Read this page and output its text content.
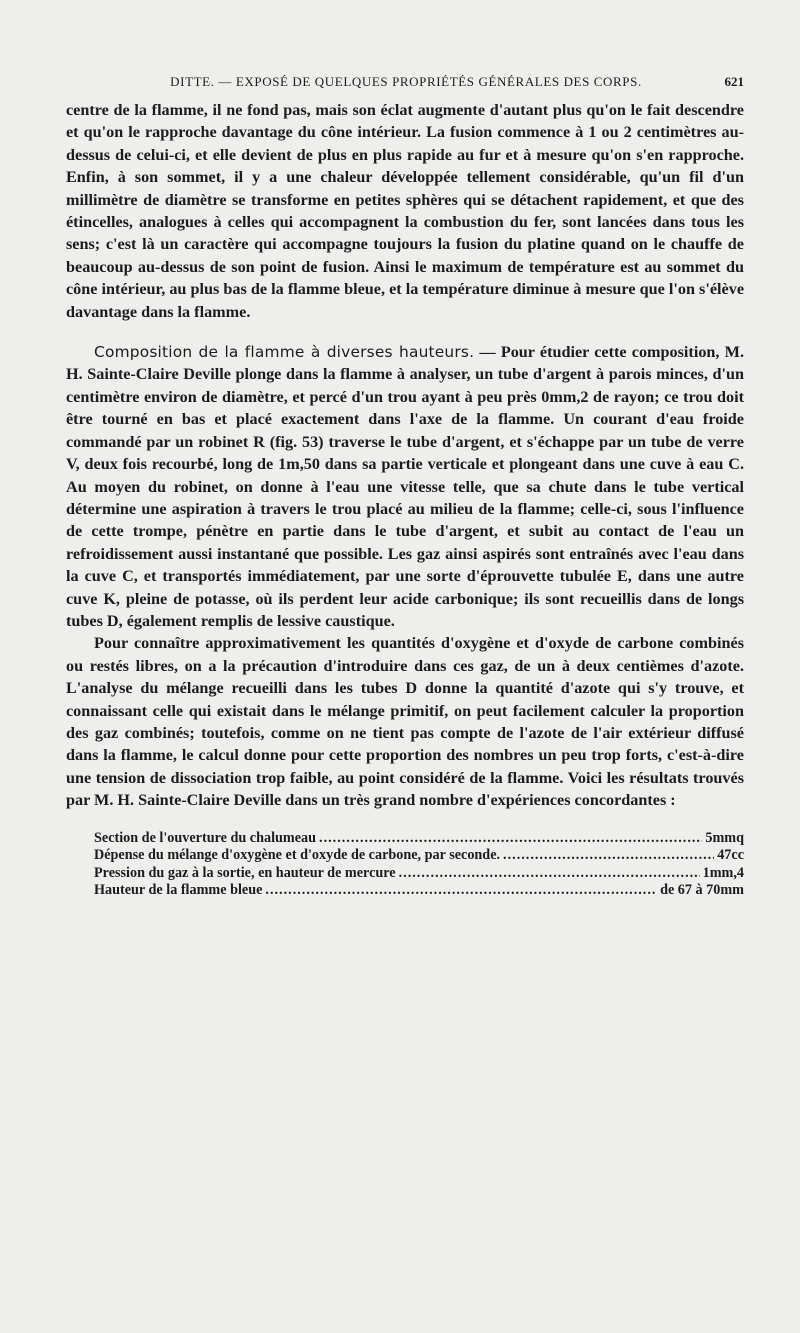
DITTE. — EXPOSÉ DE QUELQUES PROPRIÉTÉS GÉNÉRALES DES CORPS.	621

centre de la flamme, il ne fond pas, mais son éclat augmente d'autant plus qu'on le fait descendre et qu'on le rapproche davantage du cône intérieur. La fusion commence à 1 ou 2 centimètres au-dessus de celui-ci, et elle devient de plus en plus rapide au fur et à mesure qu'on s'en rapproche. Enfin, à son sommet, il y a une chaleur développée tellement considérable, qu'un fil d'un millimètre de diamètre se transforme en petites sphères qui se détachent rapidement, et que des étincelles, analogues à celles qui accompagnent la combustion du fer, sont lancées dans tous les sens; c'est là un caractère qui accompagne toujours la fusion du platine quand on le chauffe de beaucoup au-dessus de son point de fusion. Ainsi le maximum de température est au sommet du cône intérieur, au plus bas de la flamme bleue, et la température diminue à mesure que l'on s'élève davantage dans la flamme.

Composition de la flamme à diverses hauteurs. — Pour étudier cette composition, M. H. Sainte-Claire Deville plonge dans la flamme à analyser, un tube d'argent à parois minces, d'un centimètre environ de diamètre, et percé d'un trou ayant à peu près 0mm,2 de rayon; ce trou doit être tourné en bas et placé exactement dans l'axe de la flamme. Un courant d'eau froide commandé par un robinet R (fig. 53) traverse le tube d'argent, et s'échappe par un tube de verre V, deux fois recourbé, long de 1m,50 dans sa partie verticale et plongeant dans une cuve à eau C. Au moyen du robinet, on donne à l'eau une vitesse telle, que sa chute dans le tube vertical détermine une aspiration à travers le trou placé au milieu de la flamme; celle-ci, sous l'influence de cette trompe, pénètre en partie dans le tube d'argent, et subit au contact de l'eau un refroidissement aussi instantané que possible. Les gaz ainsi aspirés sont entraînés avec l'eau dans la cuve C, et transportés immédiatement, par une sorte d'éprouvette tubulée E, dans une autre cuve K, pleine de potasse, où ils perdent leur acide carbonique; ils sont recueillis dans de longs tubes D, également remplis de lessive caustique.

Pour connaître approximativement les quantités d'oxygène et d'oxyde de carbone combinés ou restés libres, on a la précaution d'introduire dans ces gaz, de un à deux centièmes d'azote. L'analyse du mélange recueilli dans les tubes D donne la quantité d'azote qui s'y trouve, et connaissant celle qui existait dans le mélange primitif, on peut facilement calculer la proportion des gaz combinés; toutefois, comme on ne tient pas compte de l'azote de l'air extérieur diffusé dans la flamme, le calcul donne pour cette proportion des nombres un peu trop forts, c'est-à-dire une tension de dissociation trop faible, au point considéré de la flamme. Voici les résultats trouvés par M. H. Sainte-Claire Deville dans un très grand nombre d'expériences concordantes :

Section de l'ouverture du chalumeau .....	5mmq
Dépense du mélange d'oxygène et d'oxyde de carbone, par seconde. .....	47cc
Pression du gaz à la sortie, en hauteur de mercure .....	1mm,4
Hauteur de la flamme bleue .....	de 67 à 70mm
